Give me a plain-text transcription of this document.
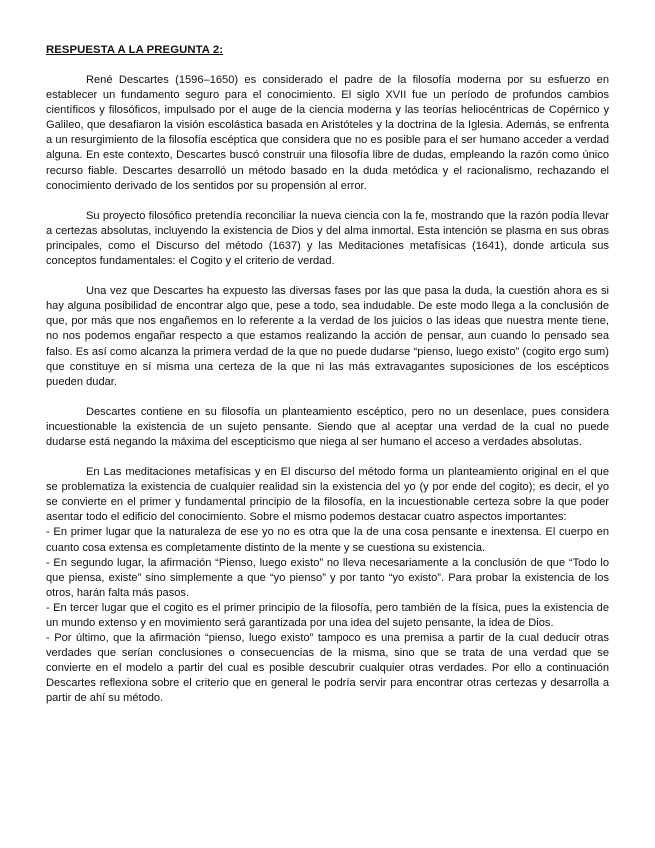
RESPUESTA A LA PREGUNTA 2:

René Descartes (1596–1650) es considerado el padre de la filosofía moderna por su esfuerzo en establecer un fundamento seguro para el conocimiento. El siglo XVII fue un período de profundos cambios científicos y filosóficos, impulsado por el auge de la ciencia moderna y las teorías heliocéntricas de Copérnico y Galileo, que desafiaron la visión escolástica basada en Aristóteles y la doctrina de la Iglesia. Además, se enfrenta a un resurgimiento de la filosofía escéptica que considera que no es posible para el ser humano acceder a verdad alguna. En este contexto, Descartes buscó construir una filosofía libre de dudas, empleando la razón como único recurso fiable. Descartes desarrolló un método basado en la duda metódica y el racionalismo, rechazando el conocimiento derivado de los sentidos por su propensión al error.

Su proyecto filosófico pretendía reconciliar la nueva ciencia con la fe, mostrando que la razón podía llevar a certezas absolutas, incluyendo la existencia de Dios y del alma inmortal. Esta intención se plasma en sus obras principales, como el Discurso del método (1637) y las Meditaciones metafísicas (1641), donde articula sus conceptos fundamentales: el Cogito y el criterio de verdad.

Una vez que Descartes ha expuesto las diversas fases por las que pasa la duda, la cuestión ahora es si hay alguna posibilidad de encontrar algo que, pese a todo, sea indudable. De este modo llega a la conclusión de que, por más que nos engañemos en lo referente a la verdad de los juicios o las ideas que nuestra mente tiene, no nos podemos engañar respecto a que estamos realizando la acción de pensar, aun cuando lo pensado sea falso. Es así como alcanza la primera verdad de la que no puede dudarse “pienso, luego existo” (cogito ergo sum) que constituye en sí misma una certeza de la que ni las más extravagantes suposiciones de los escépticos pueden dudar.

Descartes contiene en su filosofía un planteamiento escéptico, pero no un desenlace, pues considera incuestionable la existencia de un sujeto pensante. Siendo que al aceptar una verdad de la cual no puede dudarse está negando la máxima del escepticismo que niega al ser humano el acceso a verdades absolutas.

En Las meditaciones metafísicas y en El discurso del método forma un planteamiento original en el que se problematiza la existencia de cualquier realidad sin la existencia del yo (y por ende del cogito); es decir, el yo se convierte en el primer y fundamental principio de la filosofía, en la incuestionable certeza sobre la que poder asentar todo el edificio del conocimiento. Sobre el mismo podemos destacar cuatro aspectos importantes:

- En primer lugar que la naturaleza de ese yo no es otra que la de una cosa pensante e inextensa. El cuerpo en cuanto cosa extensa es completamente distinto de la mente y se cuestiona su existencia.

- En segundo lugar, la afirmación “Pienso, luego existo” no lleva necesariamente a la conclusión de que “Todo lo que piensa, existe” sino simplemente a que “yo pienso” y por tanto “yo existo”. Para probar la existencia de los otros, harán falta más pasos.

- En tercer lugar que el cogito es el primer principio de la filosofía, pero también de la física, pues la existencia de un mundo extenso y en movimiento será garantizada por una idea del sujeto pensante, la idea de Dios.

- Por último, que la afirmación “pienso, luego existo” tampoco es una premisa a partir de la cual deducir otras verdades que serían conclusiones o consecuencias de la misma, sino que se trata de una verdad que se convierte en el modelo a partir del cual es posible descubrir cualquier otras verdades. Por ello a continuación Descartes reflexiona sobre el criterio que en general le podría servir para encontrar otras certezas y desarrolla a partir de ahí su método.
